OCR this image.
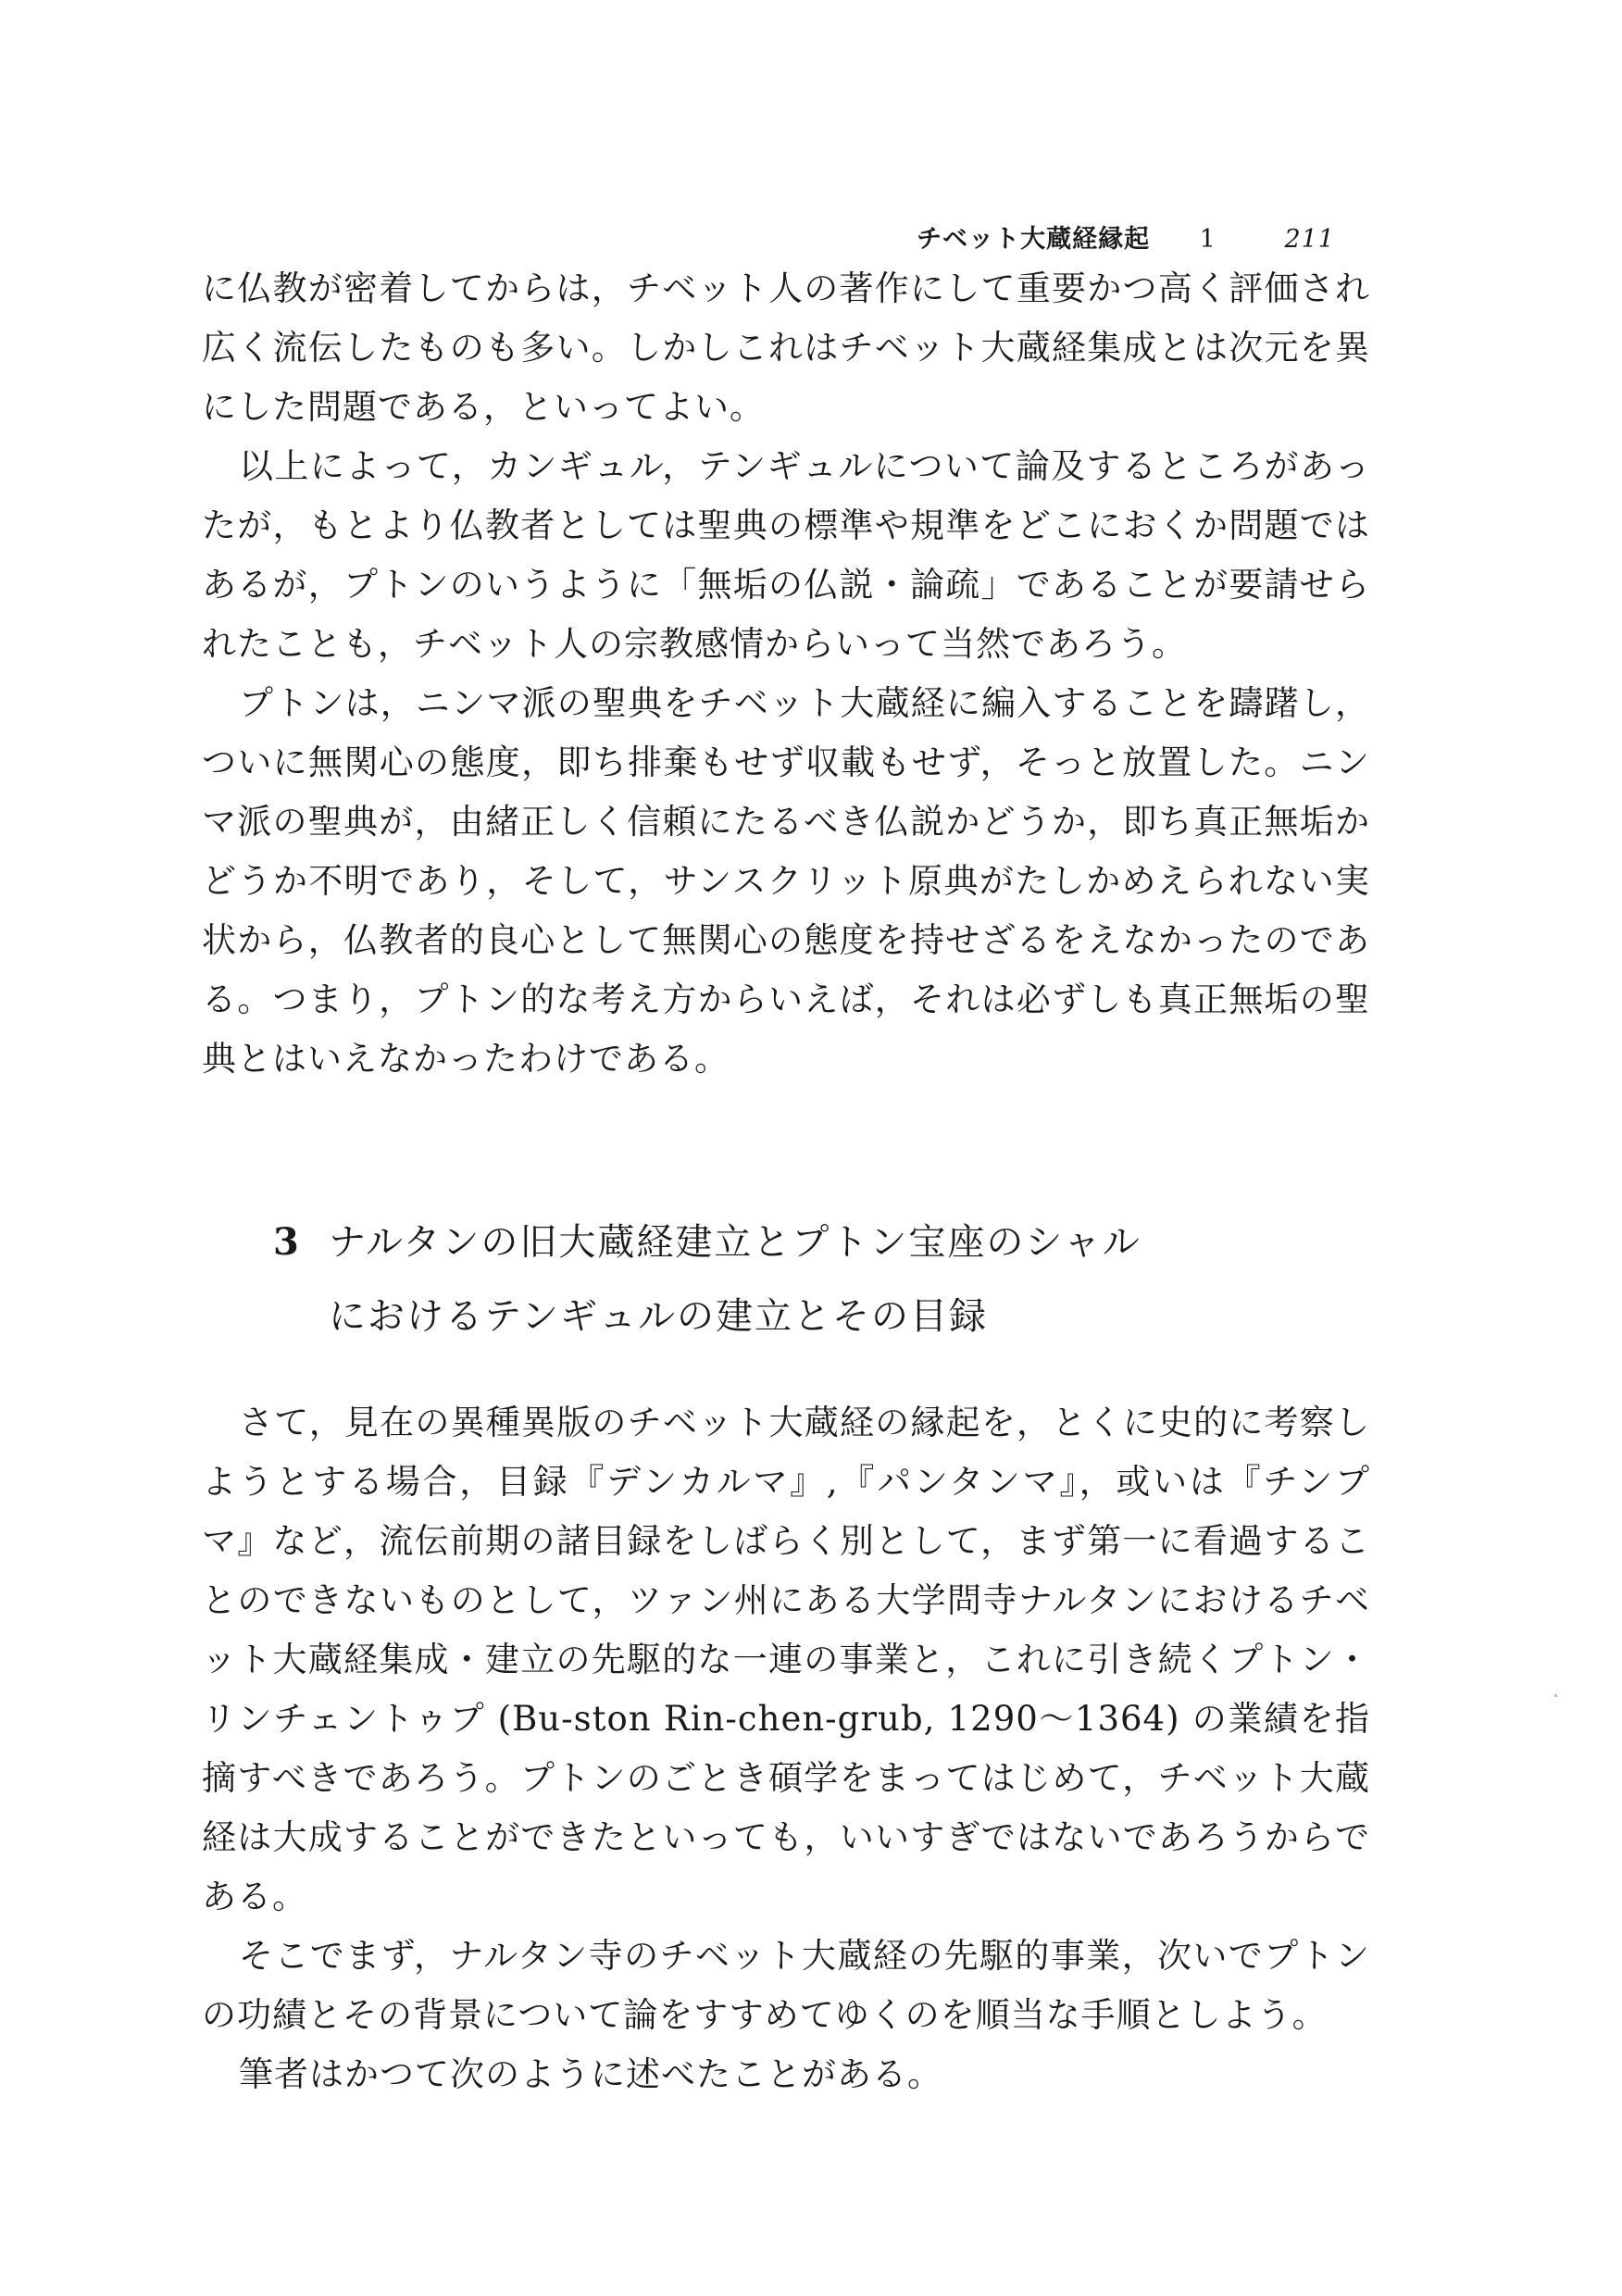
チベット大蔵経縁起 1	211

に仏教が密着してからは，チベット人の著作にして重要かつ高く評価され広く流伝したものも多い。しかしこれはチベット大蔵経集成とは次元を異にした問題である，といってよい。

以上によって，カンギュル，テンギュルについて論及するところがあったが，もとより仏教者としては聖典の標準や規準をどこにおくか問題ではあるが，プトンのいうように「無垢の仏説・論疏」であることが要請せられたことも，チベット人の宗教感情からいって当然であろう。

プトンは，ニンマ派の聖典をチベット大蔵経に編入することを躊躇し，ついに無関心の態度，即ち排棄もせず収載もせず，そっと放置した。ニンマ派の聖典が，由緒正しく信頼にたるべき仏説かどうか，即ち真正無垢かどうか不明であり，そして，サンスクリット原典がたしかめえられない実状から，仏教者的良心として無関心の態度を持せざるをえなかったのである。つまり，プトン的な考え方からいえば，それは必ずしも真正無垢の聖典とはいえなかったわけである。

3 ナルタンの旧大蔵経建立とプトン宝座のシャル
におけるテンギュルの建立とその目録

さて，見在の異種異版のチベット大蔵経の縁起を，とくに史的に考察しようとする場合，目録『デンカルマ』,『パンタンマ』，或いは『チンプマ』など，流伝前期の諸目録をしばらく別として，まず第一に看過することのできないものとして，ツァン州にある大学問寺ナルタンにおけるチベット大蔵経集成・建立の先駆的な一連の事業と，これに引き続くプトン・リンチェントゥプ (Bu-ston Rin-chen-grub, 1290～1364) の業績を指摘すべきであろう。プトンのごとき碩学をまってはじめて，チベット大蔵経は大成することができたといっても，いいすぎではないであろうからである。

そこでまず，ナルタン寺のチベット大蔵経の先駆的事業，次いでプトンの功績とその背景について論をすすめてゆくのを順当な手順としよう。

筆者はかつて次のように述べたことがある。
